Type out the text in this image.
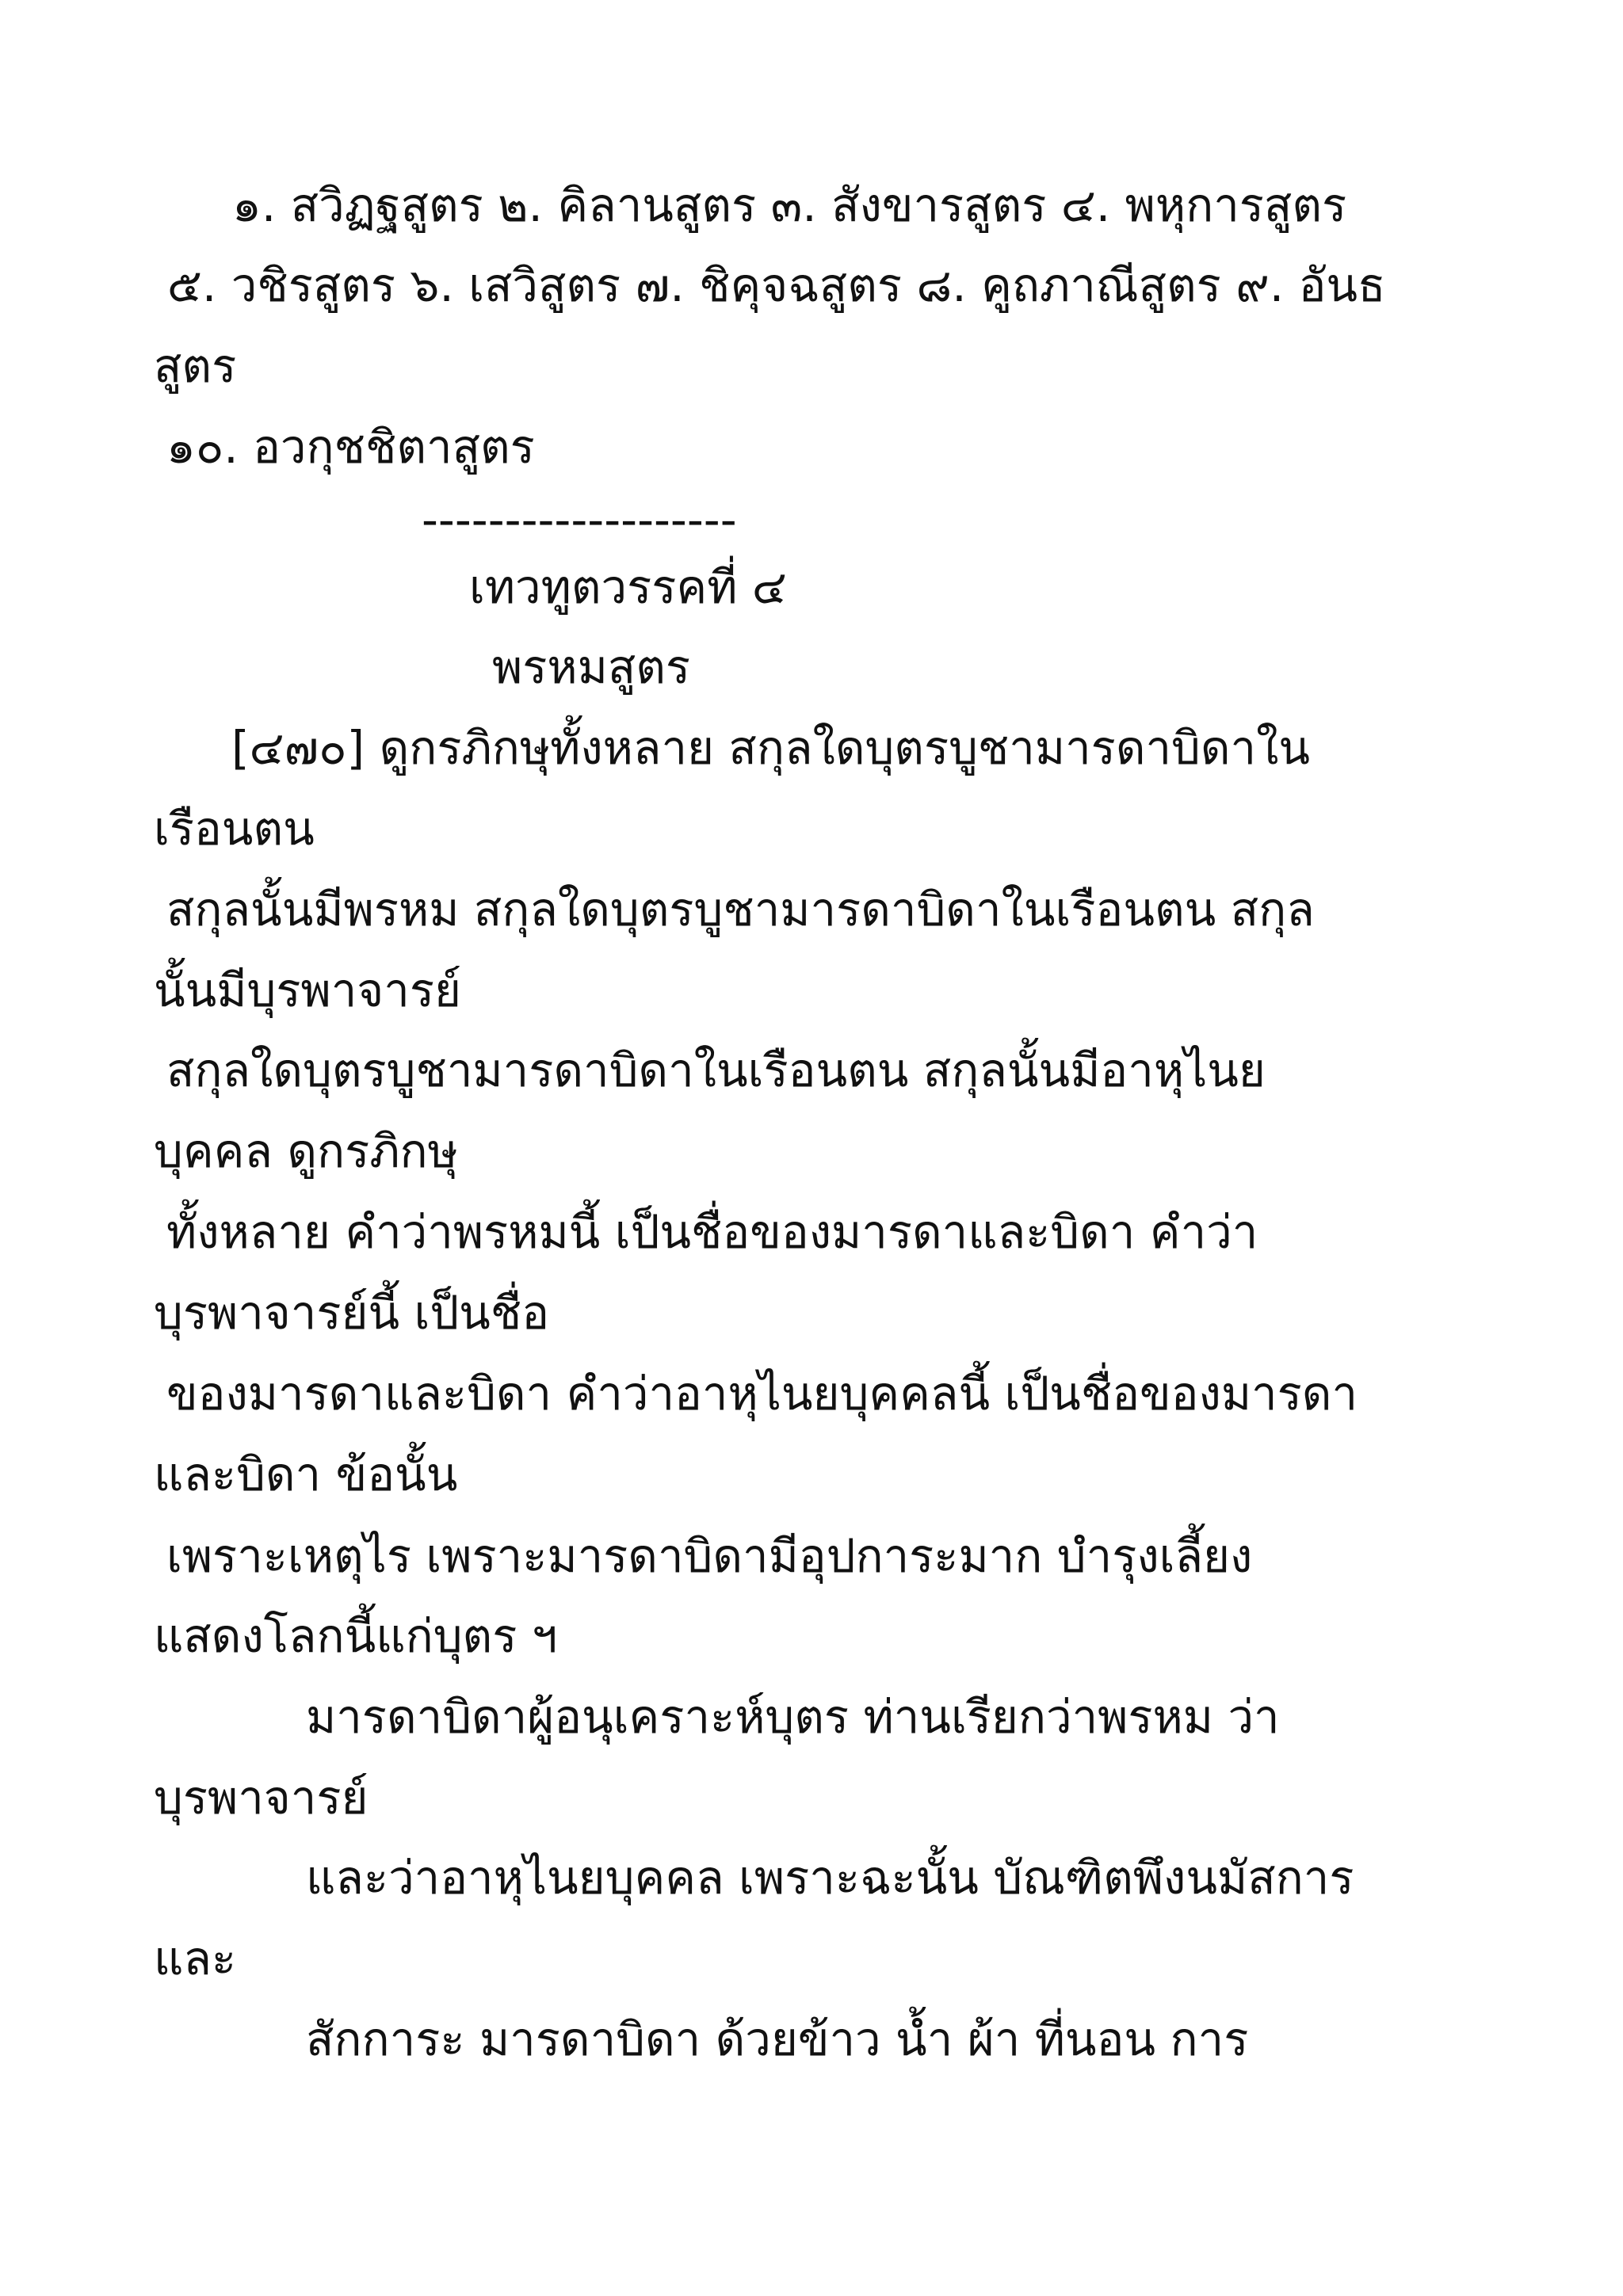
๑. สวิฏฐสูตร ๒. คิลานสูตร ๓. สังขารสูตร ๔. พหุการสูตร
๕. วชิรสูตร ๖. เสวิสูตร ๗. ชิคุจฉสูตร ๘. คูถภาณีสูตร ๙. อันธ
สูตร
๑๐. อวกุชชิตาสูตร
-------------------
เทวทูตวรรคที่ ๔
พรหมสูตร
[๔๗๐] ดูกรภิกษุทั้งหลาย สกุลใดบุตรบูชามารดาบิดาใน
เรือนตน
สกุลนั้นมีพรหม สกุลใดบุตรบูชามารดาบิดาในเรือนตน สกุล
นั้นมีบุรพาจารย์
สกุลใดบุตรบูชามารดาบิดาในเรือนตน สกุลนั้นมีอาหุไนย
บุคคล ดูกรภิกษุ
ทั้งหลาย คำว่าพรหมนี้ เป็นชื่อของมารดาและบิดา คำว่า
บุรพาจารย์นี้ เป็นชื่อ
ของมารดาและบิดา คำว่าอาหุไนยบุคคลนี้ เป็นชื่อของมารดา
และบิดา ข้อนั้น
เพราะเหตุไร เพราะมารดาบิดามีอุปการะมาก บำรุงเลี้ยง
แสดงโลกนี้แก่บุตร ฯ
มารดาบิดาผู้อนุเคราะห์บุตร ท่านเรียกว่าพรหม ว่า
บุรพาจารย์
และว่าอาหุไนยบุคคล เพราะฉะนั้น บัณฑิตพึงนมัสการ
และ
สักการะ มารดาบิดา ด้วยข้าว น้ำ ผ้า ที่นอน การ
